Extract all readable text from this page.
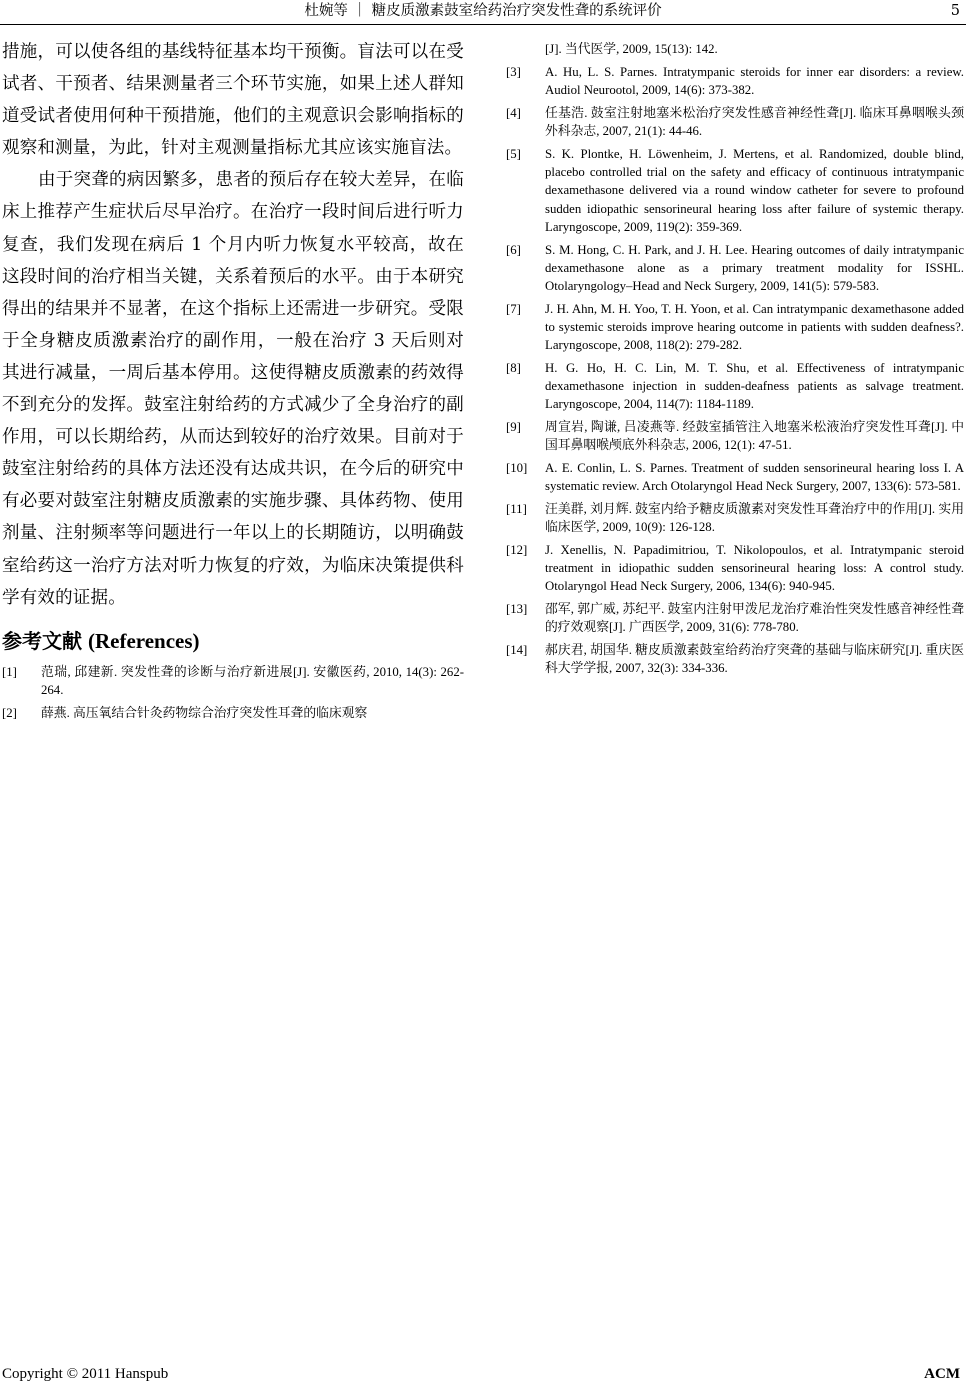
杜婉等 ｜ 糖皮质激素鼓室给药治疗突发性聋的系统评价	5

措施，可以使各组的基线特征基本均干预衡。盲法可以在受试者、干预者、结果测量者三个环节实施，如果上述人群知道受试者使用何种干预措施，他们的主观意识会影响指标的观察和测量，为此，针对主观测量指标尤其应该实施盲法。

由于突聋的病因繁多，患者的预后存在较大差异，在临床上推荐产生症状后尽早治疗。在治疗一段时间后进行听力复查，我们发现在病后 1 个月内听力恢复水平较高，故在这段时间的治疗相当关键，关系着预后的水平。由于本研究得出的结果并不显著，在这个指标上还需进一步研究。受限于全身糖皮质激素治疗的副作用，一般在治疗 3 天后则对其进行减量，一周后基本停用。这使得糖皮质激素的药效得不到充分的发挥。鼓室注射给药的方式减少了全身治疗的副作用，可以长期给药，从而达到较好的治疗效果。目前对于鼓室注射给药的具体方法还没有达成共识，在今后的研究中有必要对鼓室注射糖皮质激素的实施步骤、具体药物、使用剂量、注射频率等问题进行一年以上的长期随访，以明确鼓室给药这一治疗方法对听力恢复的疗效，为临床决策提供科学有效的证据。

参考文献 (References)
[1]	范瑞, 邱建新. 突发性聋的诊断与治疗新进展[J]. 安徽医药, 2010, 14(3): 262-264.
[2]	薛燕. 高压氧结合针灸药物综合治疗突发性耳聋的临床观察
[J]. 当代医学, 2009, 15(13): 142.
[3]	A. Hu, L. S. Parnes. Intratympanic steroids for inner ear disorders: a review. Audiol Neurootol, 2009, 14(6): 373-382.
[4]	任基浩. 鼓室注射地塞米松治疗突发性感音神经性聋[J]. 临床耳鼻咽喉头颈外科杂志, 2007, 21(1): 44-46.
[5]	S. K. Plontke, H. Löwenheim, J. Mertens, et al. Randomized, double blind, placebo controlled trial on the safety and efficacy of continuous intratympanic dexamethasone delivered via a round window catheter for severe to profound sudden idiopathic sensorineural hearing loss after failure of systemic therapy. Laryngoscope, 2009, 119(2): 359-369.
[6]	S. M. Hong, C. H. Park, and J. H. Lee. Hearing outcomes of daily intratympanic dexamethasone alone as a primary treatment modality for ISSHL. Otolaryngology–Head and Neck Surgery, 2009, 141(5): 579-583.
[7]	J. H. Ahn, M. H. Yoo, T. H. Yoon, et al. Can intratympanic dexamethasone added to systemic steroids improve hearing outcome in patients with sudden deafness?. Laryngoscope, 2008, 118(2): 279-282.
[8]	H. G. Ho, H. C. Lin, M. T. Shu, et al. Effectiveness of intratympanic dexamethasone injection in sudden-deafness patients as salvage treatment. Laryngoscope, 2004, 114(7): 1184-1189.
[9]	周宣岩, 陶谦, 吕凌燕等. 经鼓室插管注入地塞米松液治疗突发性耳聋[J]. 中国耳鼻咽喉颅底外科杂志, 2006, 12(1): 47-51.
[10]	A. E. Conlin, L. S. Parnes. Treatment of sudden sensorineural hearing loss I. A systematic review. Arch Otolaryngol Head Neck Surgery, 2007, 133(6): 573-581.
[11]	汪美群, 刘月辉. 鼓室内给予糖皮质激素对突发性耳聋治疗中的作用[J]. 实用临床医学, 2009, 10(9): 126-128.
[12]	J. Xenellis, N. Papadimitriou, T. Nikolopoulos, et al. Intratympanic steroid treatment in idiopathic sudden sensorineural hearing loss: A control study. Otolaryngol Head Neck Surgery, 2006, 134(6): 940-945.
[13]	邵军, 郭广威, 苏纪平. 鼓室内注射甲泼尼龙治疗难治性突发性感音神经性聋的疗效观察[J]. 广西医学, 2009, 31(6): 778-780.
[14]	郝庆君, 胡国华. 糖皮质激素鼓室给药治疗突聋的基础与临床研究[J]. 重庆医科大学学报, 2007, 32(3): 334-336.
Copyright © 2011 Hanspub	ACM
